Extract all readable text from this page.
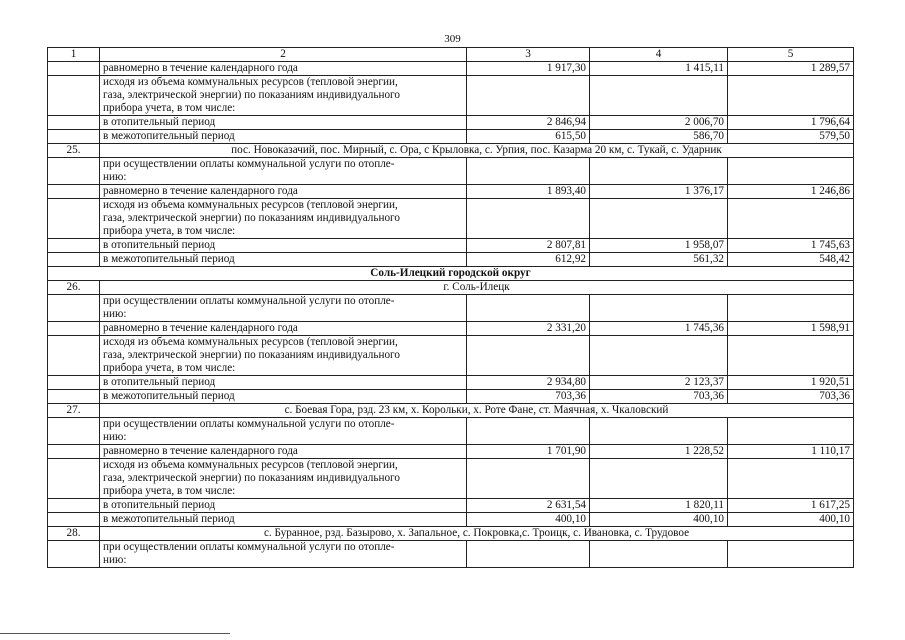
309
1	2	3	4	5
	равномерно в течение календарного года	1 917,30	1 415,11	1 289,57

	исходя из объема коммунальных ресурсов (тепловой энергии,
газа, электрической энергии) по показаниям индивидуального
прибора учета, в том числе:			

	в отопительный период	2 846,94	2 006,70	1 796,64
	в межотопительный период	615,50	586,70	579,50
25.	пос. Новоказачий, пос. Мирный, с. Ора, с Крыловка, с. Урпия, пос. Казарма 20 км, с. Тукай, с. Ударник			

	при осуществлении оплаты коммунальной услуги по отопле-
нию:			

	равномерно в течение календарного года	1 893,40	1 376,17	1 246,86

	исходя из объема коммунальных ресурсов (тепловой энергии,
газа, электрической энергии) по показаниям индивидуального
прибора учета, в том числе:			

	в отопительный период	2 807,81	1 958,07	1 745,63
	в межотопительный период	612,92	561,32	548,42
Соль-Илецкий городской округ				
26.	г. Соль-Илецк			

	при осуществлении оплаты коммунальной услуги по отопле-
нию:			

	равномерно в течение календарного года	2 331,20	1 745,36	1 598,91

	исходя из объема коммунальных ресурсов (тепловой энергии,
газа, электрической энергии) по показаниям индивидуального
прибора учета, в том числе:			

	в отопительный период	2 934,80	2 123,37	1 920,51
	в межотопительный период	703,36	703,36	703,36
27.	с. Боевая Гора, рзд. 23 км, х. Корольки, х. Роте Фане, ст. Маячная, х. Чкаловский			

	при осуществлении оплаты коммунальной услуги по отопле-
нию:			

	равномерно в течение календарного года	1 701,90	1 228,52	1 110,17

	исходя из объема коммунальных ресурсов (тепловой энергии,
газа, электрической энергии) по показаниям индивидуального
прибора учета, в том числе:			

	в отопительный период	2 631,54	1 820,11	1 617,25
	в межотопительный период	400,10	400,10	400,10
28.	с. Буранное, рзд. Базырово, х. Запальное, с. Покровка,с. Троицк, с. Ивановка, с. Трудовое			

	при осуществлении оплаты коммунальной услуги по отопле-
нию:			
